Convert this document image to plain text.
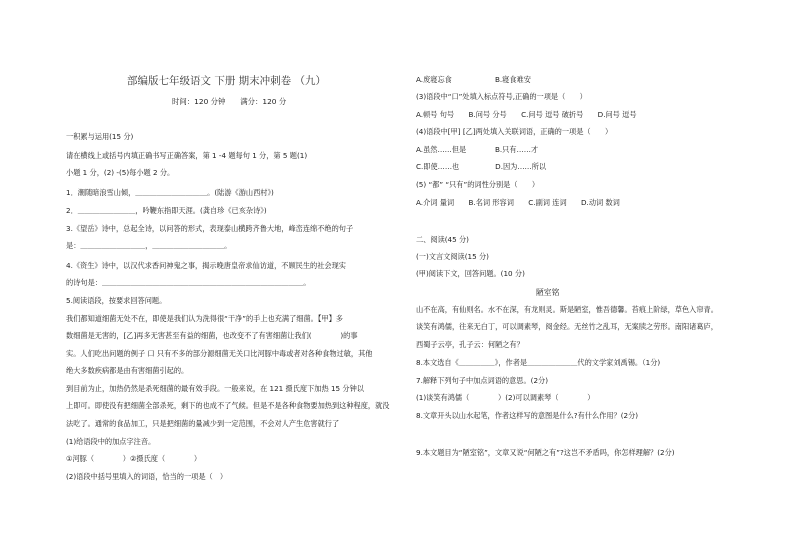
部编版七年级语文 下册 期末冲刺卷 （九）
时间：120 分钟　　满分：120 分
一积累与运用(15 分)
请在横线上或括号内填正确书写正确答案，第 1 -4 题每句 1 分，第 5 题(1)
小题 1 分，(2) -(5)每小题 2 分。
1．潮随暗浪雪山倾，＿＿＿＿＿＿＿＿＿＿。(陆游《游山西村》)
2．＿＿＿＿＿＿＿＿，吟鞭东指即天涯。(龚自珍《已亥杂诗》)
3.《望岳》诗中，总起全诗，以问答的形式，表现泰山横跨齐鲁大地，峰峦连绵不绝的句子
是：＿＿＿＿＿＿＿＿＿，＿＿＿＿＿＿＿＿＿＿。
4.《资生》诗中，以汉代求香问神鬼之事，揭示晚唐皇帝求仙访道，不顾民生的社会现实
的诗句是：＿＿＿＿＿＿＿＿＿＿＿＿＿＿＿＿＿＿＿＿＿＿＿＿＿＿＿＿。
5.阅读语段，按要求回答问题。
我们都知道细菌无处不在，即使是我们认为洗得很“干净”的手上也充满了细菌。【甲】多
数细菌是无害的，[乙]再多无害甚至有益的细菌，也改变不了有害细菌让我们(　　　　)的事
实。人们吃出问题的例子 口 只有不多的部分源细菌无关口比河豚中毒或者对各种食物过敏，其他
绝大多数疾病都是由有害细菌引起的。
到目前为止，加热仍然是杀死细菌的最有效手段。一般来说，在 121 摄氏度下加热 15 分钟以
上即可。即使没有把细菌全部杀死，剩下的也成不了气候。但是不是各种食物要加热到这种程度，就没
法吃了。通常的食品加工，只是把细菌的量减少到一定范围，不会对人产生危害就行了
(1)给语段中的加点字注音。
①河豚（　　　　）②摄氏度（　　　　）
(2)语段中括号里填入的词语，恰当的一项是（　）
A.废寝忘食　　　　　　B.寝食难安
(3)语段中“口”处填入标点符号,正确的一项是（　　）
A.顿号 句号　　B.问号 分号　　C.问号 逗号 破折号　　D.问号 逗号
(4)语段中[甲] [乙]两处填入关联词语，正确的一项是（　　）
A.虽然……但是　　　　B.只有……才
C.即使……也　　　　　D.因为……所以
(5) “都” “只有”的词性分别是（　　）
A.介词 量词　　B.名词 形容词　　C.副词 连词　　D.动词 数词
二、阅读(45 分)
(一)文言文阅读(15 分)
(甲)阅读下文，回答问题。(10 分)
陋室铭
山不在高，有仙则名。水不在深，有龙则灵。斯是陋室，惟吾德馨。苔痕上阶绿，草色入帘青。
谈笑有鸿儒，往来无白丁，可以调素琴，阅金经。无丝竹之乱耳，无案牍之劳形。南阳诸葛庐，
西蜀子云亭，孔子云：何陋之有？
8.本文选自《＿＿＿＿＿》，作者是＿＿＿＿＿＿＿代的文学家刘禹锡。（1分)
7.解释下列句子中加点词语的意思。(2分)
(1)谈笑有鸿儒（　　　　）(2)可以调素琴（　　　　）
8.文章开头以山水起笔，作者这样写的意图是什么?有什么作用？(2分)
9.本文题目为“陋室铭”，文章又说“何陋之有”?这岂不矛盾吗，你怎样理解？(2分)
